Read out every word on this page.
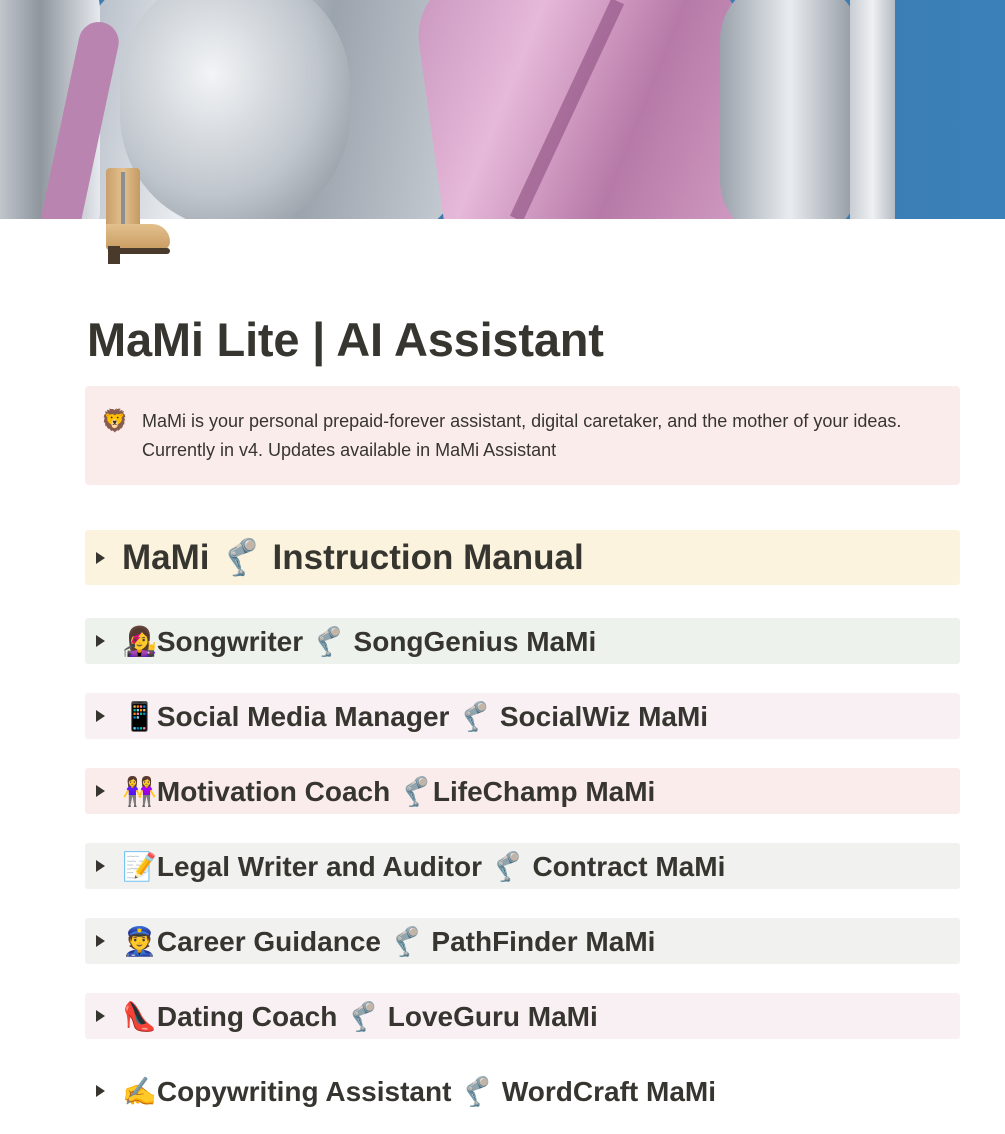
MaMi Lite | AI Assistant
🦁 MaMi is your personal prepaid-forever assistant, digital caretaker, and the mother of your ideas. Currently in v4. Updates available in MaMi Assistant
MaMi 🦿 Instruction Manual
👩‍🎤Songwriter 🦿 SongGenius MaMi
📱Social Media Manager 🦿 SocialWiz MaMi
👭Motivation Coach 🦿LifeChamp MaMi
📝Legal Writer and Auditor 🦿 Contract MaMi
👮Career Guidance 🦿 PathFinder MaMi
👠Dating Coach 🦿 LoveGuru MaMi
✍️Copywriting Assistant 🦿 WordCraft MaMi
